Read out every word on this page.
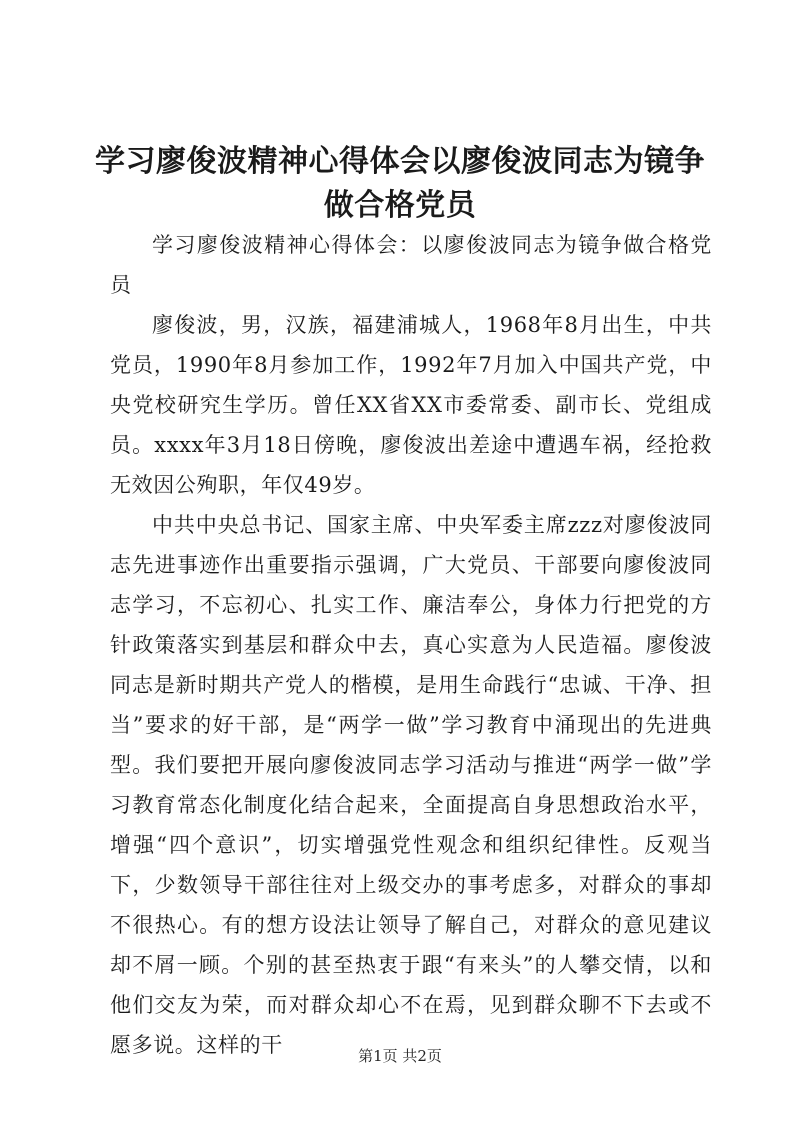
学习廖俊波精神心得体会以廖俊波同志为镜争做合格党员

学习廖俊波精神心得体会：以廖俊波同志为镜争做合格党员

廖俊波，男，汉族，福建浦城人，1968年8月出生，中共党员，1990年8月参加工作，1992年7月加入中国共产党，中央党校研究生学历。曾任XX省XX市委常委、副市长、党组成员。xxxx年3月18日傍晚，廖俊波出差途中遭遇车祸，经抢救无效因公殉职，年仅49岁。

中共中央总书记、国家主席、中央军委主席zzz对廖俊波同志先进事迹作出重要指示强调，广大党员、干部要向廖俊波同志学习，不忘初心、扎实工作、廉洁奉公，身体力行把党的方针政策落实到基层和群众中去，真心实意为人民造福。廖俊波同志是新时期共产党人的楷模，是用生命践行“忠诚、干净、担当”要求的好干部，是“两学一做”学习教育中涌现出的先进典型。我们要把开展向廖俊波同志学习活动与推进“两学一做”学习教育常态化制度化结合起来，全面提高自身思想政治水平，增强“四个意识”，切实增强党性观念和组织纪律性。反观当下，少数领导干部往往对上级交办的事考虑多，对群众的事却不很热心。有的想方设法让领导了解自己，对群众的意见建议却不屑一顾。个别的甚至热衷于跟“有来头”的人攀交情，以和他们交友为荣，而对群众却心不在焉，见到群众聊不下去或不愿多说。这样的干	第1页 共2页
